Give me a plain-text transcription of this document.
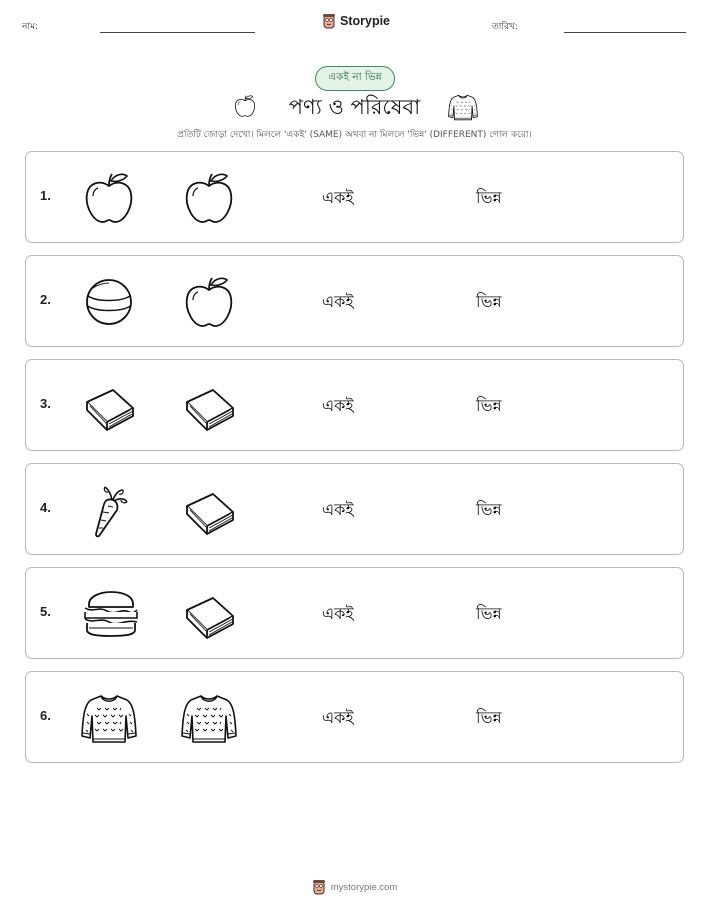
নাম:	Storypie	তারিখ:
একই না ভিন্ন
পণ্য ও পরিষেবা
প্রতিটি জোড়া দেখো। মিললে 'একই' (SAME) অথবা না মিললে 'ভিন্ন' (DIFFERENT) গোল করো।
1.	একই	ভিন্ন
2.	একই	ভিন্ন
3.	একই	ভিন্ন
4.	একই	ভিন্ন
5.	একই	ভিন্ন
6.	একই	ভিন্ন
mystorypie.com
